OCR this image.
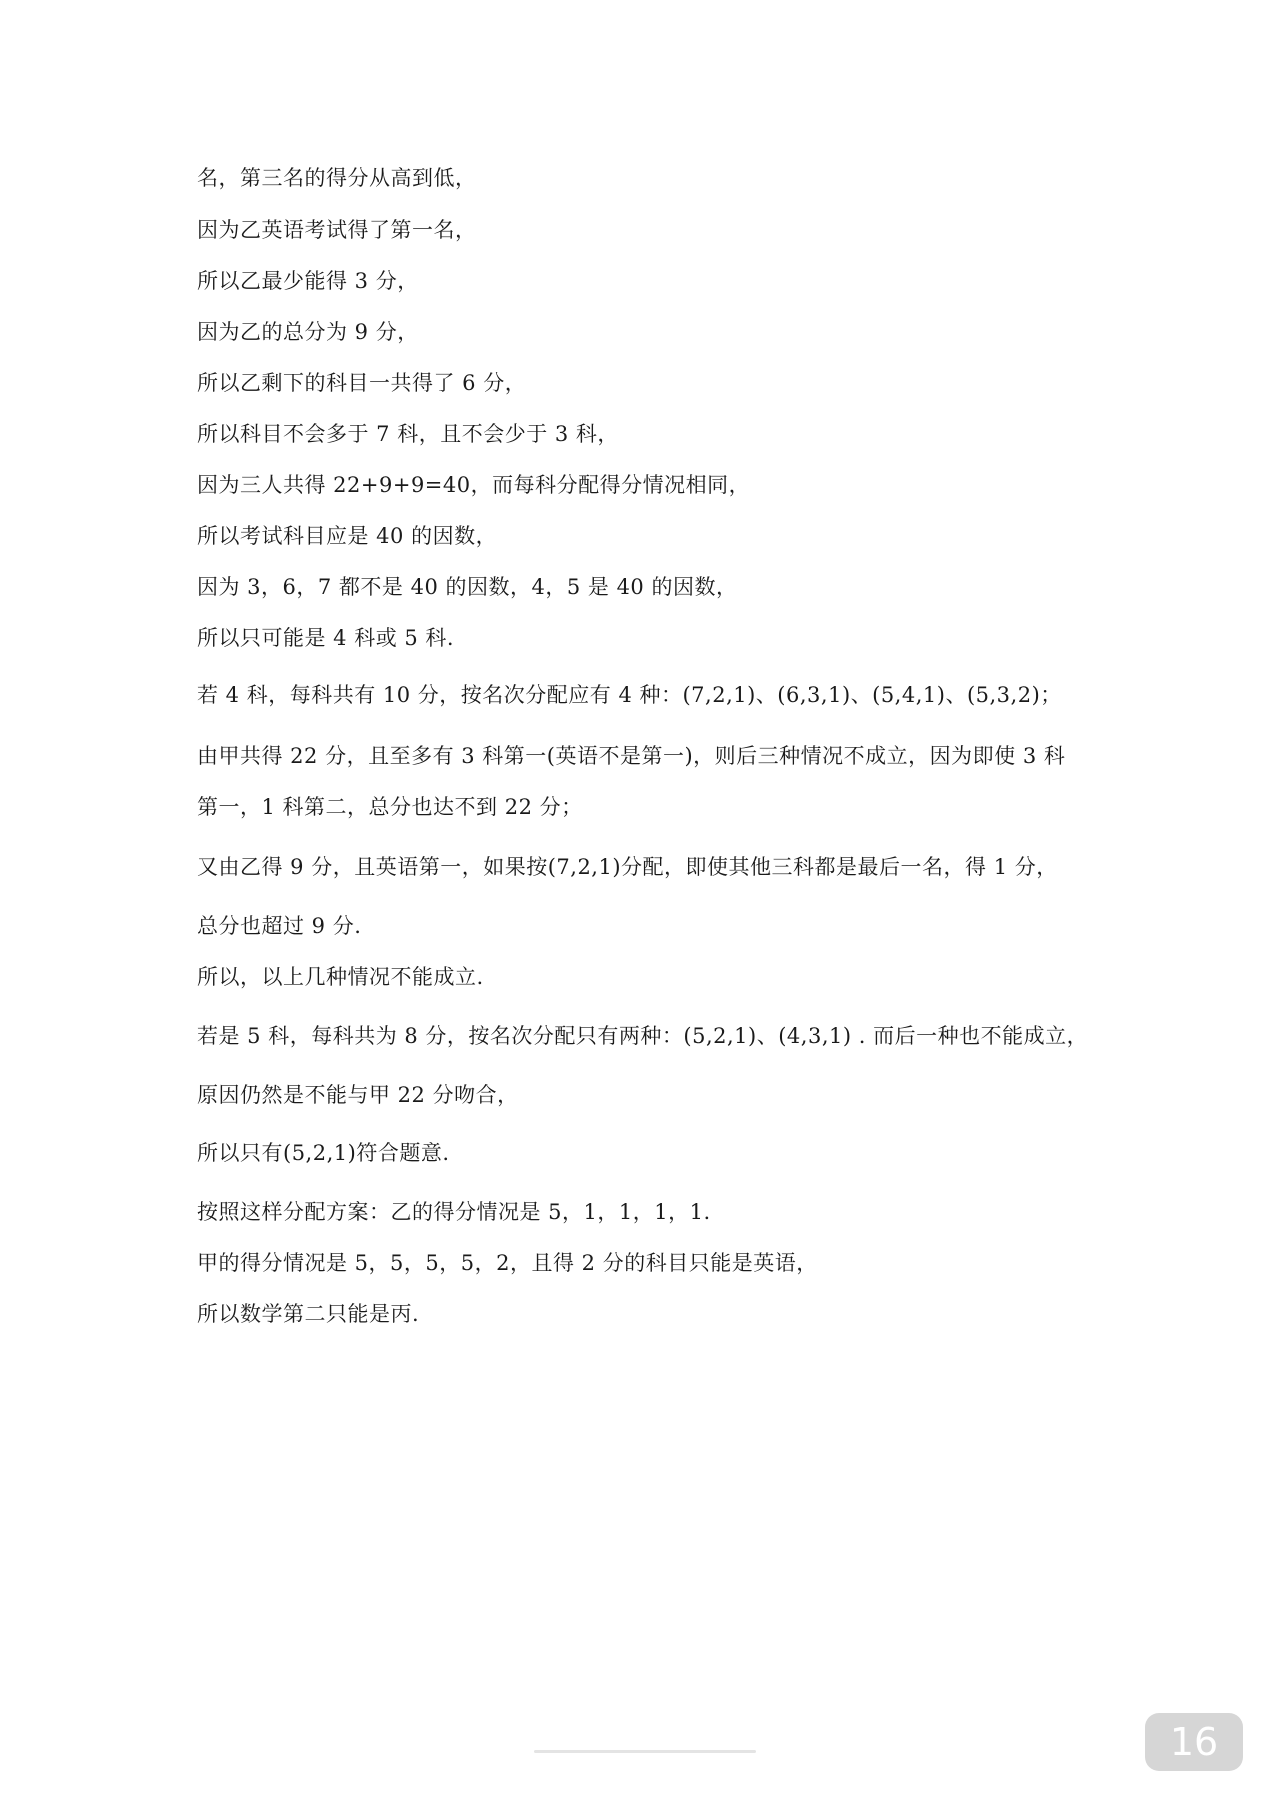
名，第三名的得分从高到低，
因为乙英语考试得了第一名，
所以乙最少能得 3 分，
因为乙的总分为 9 分，
所以乙剩下的科目一共得了 6 分，
所以科目不会多于 7 科，且不会少于 3 科，
因为三人共得 22+9+9=40，而每科分配得分情况相同，
所以考试科目应是 40 的因数，
因为 3，6，7 都不是 40 的因数，4，5 是 40 的因数，
所以只可能是 4 科或 5 科.
若 4 科，每科共有 10 分，按名次分配应有 4 种：(7,2,1)、(6,3,1)、(5,4,1)、(5,3,2)；
由甲共得 22 分，且至多有 3 科第一(英语不是第一)，则后三种情况不成立，因为即使 3 科
第一，1 科第二，总分也达不到 22 分；
又由乙得 9 分，且英语第一，如果按(7,2,1)分配，即使其他三科都是最后一名，得 1 分，
总分也超过 9 分.
所以，以上几种情况不能成立.
若是 5 科，每科共为 8 分，按名次分配只有两种：(5,2,1)、(4,3,1) . 而后一种也不能成立，
原因仍然是不能与甲 22 分吻合，
所以只有(5,2,1)符合题意.
按照这样分配方案：乙的得分情况是 5，1，1，1，1.
甲的得分情况是 5，5，5，5，2，且得 2 分的科目只能是英语，
所以数学第二只能是丙.
16
